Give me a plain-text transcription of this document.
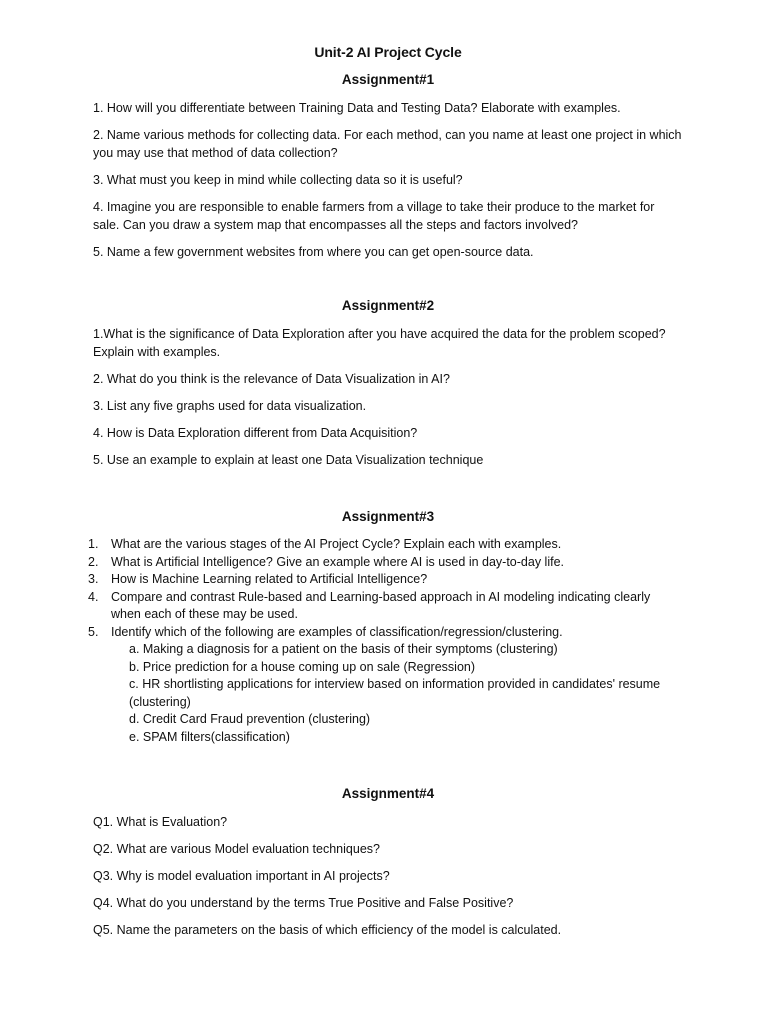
Unit-2 AI Project Cycle
Assignment#1

1. How will you differentiate between Training Data and Testing Data? Elaborate with examples.

2. Name various methods for collecting data. For each method, can you name at least one project in which you may use that method of data collection?

3. What must you keep in mind while collecting data so it is useful?

4. Imagine you are responsible to enable farmers from a village to take their produce to the market for sale. Can you draw a system map that encompasses all the steps and factors involved?

5. Name a few government websites from where you can get open-source data.

Assignment#2

1.What is the significance of Data Exploration after you have acquired the data for the problem scoped? Explain with examples.

2. What do you think is the relevance of Data Visualization in AI?

3. List any five graphs used for data visualization.

4. How is Data Exploration different from Data Acquisition?

5. Use an example to explain at least one Data Visualization technique

Assignment#3
1.	What are the various stages of the AI Project Cycle? Explain each with examples.
2.	What is Artificial Intelligence? Give an example where AI is used in day-to-day life.
3.	How is Machine Learning related to Artificial Intelligence?
4.	Compare and contrast Rule-based and Learning-based approach in AI modeling indicating clearly when each of these may be used.
5.	Identify which of the following are examples of classification/regression/clustering.
a. Making a diagnosis for a patient on the basis of their symptoms (clustering)
b. Price prediction for a house coming up on sale (Regression)
c. HR shortlisting applications for interview based on information provided in candidates' resume (clustering)
d. Credit Card Fraud prevention (clustering)
e. SPAM filters(classification)
Assignment#4

Q1. What is Evaluation?

Q2. What are various Model evaluation techniques?

Q3. Why is model evaluation important in AI projects?

Q4. What do you understand by the terms True Positive and False Positive?

Q5. Name the parameters on the basis of which efficiency of the model is calculated.
